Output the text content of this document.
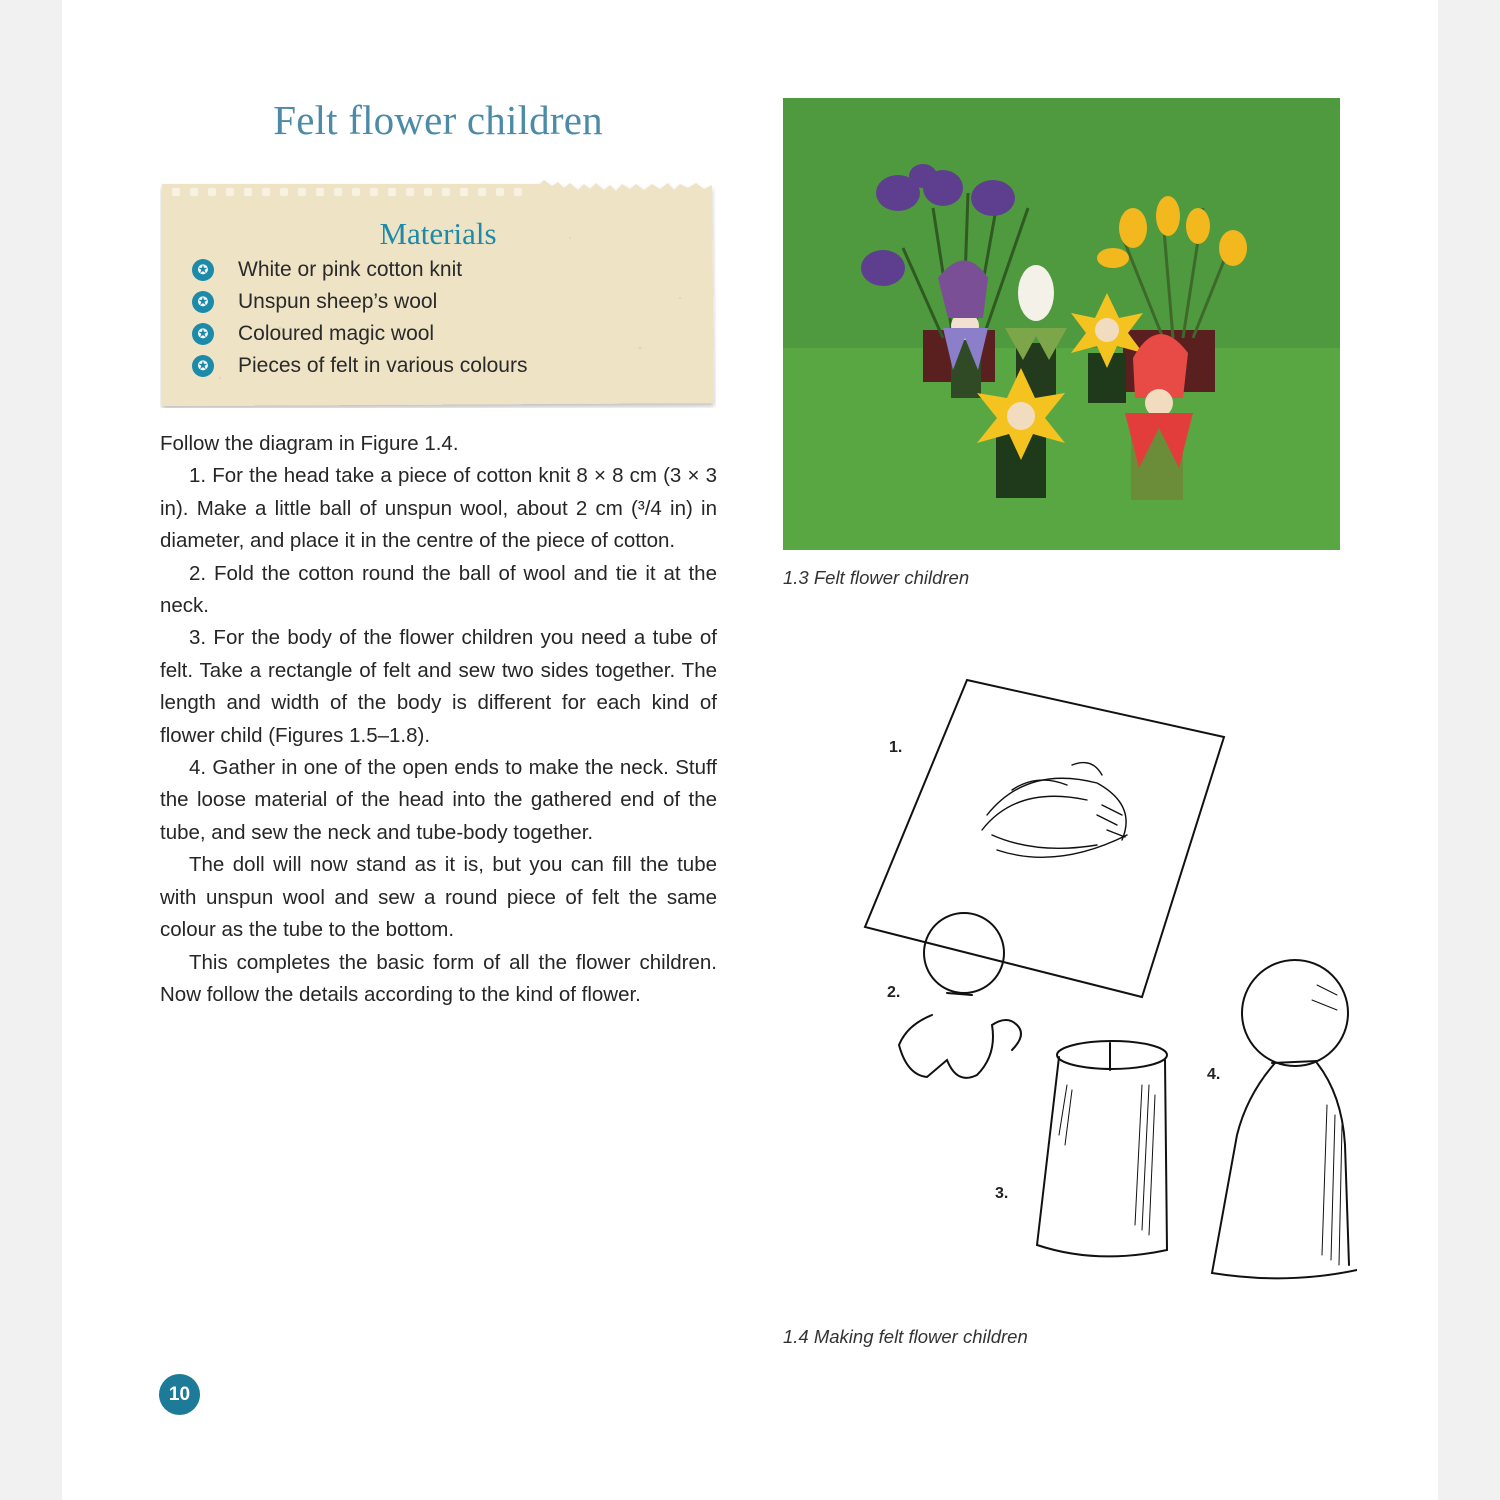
Felt flower children
Materials
✪ White or pink cotton knit
✪ Unspun sheep’s wool
✪ Coloured magic wool
✪ Pieces of felt in various colours

Follow the diagram in Figure 1.4.

1. For the head take a piece of cotton knit 8 × 8 cm (3 × 3 in). Make a little ball of unspun wool, about 2 cm (³/4 in) in diameter, and place it in the centre of the piece of cotton.

2. Fold the cotton round the ball of wool and tie it at the neck.

3. For the body of the flower children you need a tube of felt. Take a rectangle of felt and sew two sides together. The length and width of the body is different for each kind of flower child (Figures 1.5–1.8).

4. Gather in one of the open ends to make the neck. Stuff the loose material of the head into the gathered end of the tube, and sew the neck and tube-body together.

The doll will now stand as it is, but you can fill the tube with unspun wool and sew a round piece of felt the same colour as the tube to the bottom.

This completes the basic form of all the flower children. Now follow the details according to the kind of flower.

1.3 Felt flower children
1.
2.
3.
4.
1.4 Making felt flower children
10
